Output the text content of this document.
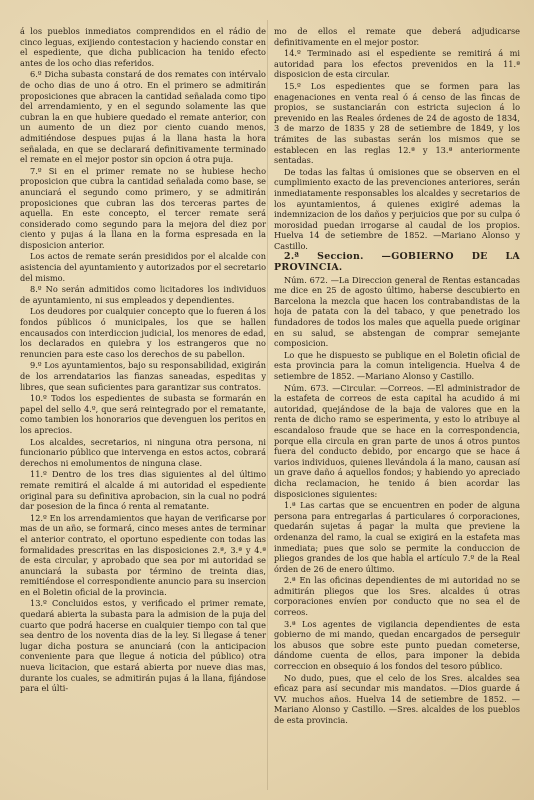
á los pueblos inmediatos comprendidos en el rádio de cinco leguas, exijiendo contestacion y haciendo constar en el espediente, que dicha publicacion ha tenido efecto antes de los ocho dias referidos.

6.º Dicha subasta constará de dos remates con intérvalo de ocho dias de uno á otro. En el primero se admitirán proposiciones que abracen la cantidad señalada como tipo del arrendamiento, y en el segundo solamente las que cubran la en que hubiere quedado el remate anterior, con un aumento de un diez por ciento cuando menos, admitiéndose despues pujas á la llana hasta la hora señalada, en que se declarará definitivamente terminado el remate en el mejor postor sin opcion á otra puja.

7.º Si en el primer remate no se hubiese hecho proposicion que cubra la cantidad señalada como base, se anunciará el segundo como primero, y se admitirán proposiciones que cubran las dos terceras partes de aquella. En este concepto, el tercer remate será considerado como segundo para la mejora del diez por ciento y pujas á la llana en la forma espresada en la disposicion anterior.

Los actos de remate serán presididos por el alcalde con asistencia del ayuntamiento y autorizados por el secretario del mismo.

8.º No serán admitidos como licitadores los individuos de ayuntamiento, ni sus empleados y dependientes.

Los deudores por cualquier concepto que lo fueren á los fondos públicos ó municipales, los que se hallen encausados con interdiccion judicial, los menores de edad, los declarados en quiebra y los estrangeros que no renuncien para este caso los derechos de su pabellon.

9.º Los ayuntamientos, bajo su responsabilidad, exigirán de los arrendatarios las fianzas saneadas, espeditas y libres, que sean suficientes para garantizar sus contratos.

10.º Todos los espedientes de subasta se formarán en papel del sello 4.º, que será reintegrado por el rematante, como tambien los honorarios que devenguen los peritos en los aprecios.

Los alcaldes, secretarios, ni ninguna otra persona, ni funcionario público que intervenga en estos actos, cobrará derechos ni emolumentos de ninguna clase.

11.º Dentro de los tres dias siguientes al del último remate remitirá el alcalde á mi autoridad el espediente original para su definitiva aprobacion, sin la cual no podrá dar posesion de la finca ó renta al rematante.

12.º En los arrendamientos que hayan de verificarse por mas de un año, se formará, cinco meses antes de terminar el anterior contrato, el oportuno espediente con todas las formalidades prescritas en las disposiciones 2.ª, 3.ª y 4.ª de esta circular, y aprobado que sea por mi autoridad se anunciará la subasta por término de treinta dias, remitiéndose el correspondiente anuncio para su insercion en el Boletin oficial de la provincia.

13.º Concluidos estos, y verificado el primer remate, quedará abierta la subasta para la admision de la puja del cuarto que podrá hacerse en cualquier tiempo con tal que sea dentro de los noventa dias de la ley. Si llegase á tener lugar dicha postura se anunciará (con la anticipacion conveniente para que llegue á noticia del público) otra nueva licitacion, que estará abierta por nueve dias mas, durante los cuales, se admitirán pujas á la llana, fijándose para el últi-

mo de ellos el remate que deberá adjudicarse definitivamente en el mejor postor.

14.º Terminado asi el espediente se remitirá á mi autoridad para los efectos prevenidos en la 11.ª disposicion de esta circular.

15.º Los espedientes que se formen para las enagenaciones en venta real ó á censo de las fincas de propios, se sustanciarán con estricta sujecion á lo prevenido en las Reales órdenes de 24 de agosto de 1834, 3 de marzo de 1835 y 28 de setiembre de 1849, y los trámites de las subastas serán los mismos que se establecen en las reglas 12.ª y 13.ª anteriormente sentadas.

De todas las faltas ú omisiones que se observen en el cumplimiento exacto de las prevenciones anteriores, serán inmediatamente responsables los alcaldes y secretarios de los ayuntamientos, á quienes exigiré ademas la indemnizacion de los daños y perjuicios que por su culpa ó morosidad puedan irrogarse al caudal de los propios. Huelva 14 de setiembre de 1852. —Mariano Alonso y Castillo.

2.ª Seccion. —GOBIERNO DE LA PROVINCIA.

Núm. 672. —La Direccion general de Rentas estancadas me dice en 25 de agosto último, haberse descubierto en Barcelona la mezcla que hacen los contrabandistas de la hoja de patata con la del tabaco, y que penetrado los fundadores de todos los males que aquella puede originar en su salud, se abstengan de comprar semejante composicion.

Lo que he dispuesto se publique en el Boletin oficial de esta provincia para la comun inteligencia. Huelva 4 de setiembre de 1852. —Mariano Alonso y Castillo.

Núm. 673. —Circular. —Correos. —El administrador de la estafeta de correos de esta capital ha acudido á mi autoridad, quejándose de la baja de valores que en la renta de dicho ramo se esperimenta, y esto lo atribuye al escandaloso fraude que se hace en la correspondencia, porque ella circula en gran parte de unos á otros puntos fuera del conducto debido, por encargo que se hace á varios individuos, quienes llevándola á la mano, causan así un grave daño á aquellos fondos; y habiendo yo apreciado dicha reclamacion, he tenido á bien acordar las disposiciones siguientes:

1.ª Las cartas que se encuentren en poder de alguna persona para entregarlas á particulares ó corporaciones, quedarán sujetas á pagar la multa que previene la ordenanza del ramo, la cual se exigirá en la estafeta mas inmediata; pues que solo se permite la conduccion de pliegos grandes de los que habla el artículo 7.º de la Real órden de 26 de enero último.

2.ª En las oficinas dependientes de mi autoridad no se admitirán pliegos que los Sres. alcaldes ú otras corporaciones envíen por conducto que no sea el de correos.

3.ª Los agentes de vigilancia dependientes de esta gobierno de mi mando, quedan encargados de perseguir los abusos que sobre este punto puedan cometerse, dándome cuenta de ellos, para imponer la debida correccion en obsequio á los fondos del tesoro público.

No dudo, pues, que el celo de los Sres. alcaldes sea eficaz para así secundar mis mandatos. —Dios guarde á VV. muchos años. Huelva 14 de setiembre de 1852. —Mariano Alonso y Castillo. —Sres. alcaldes de los pueblos de esta provincia.
